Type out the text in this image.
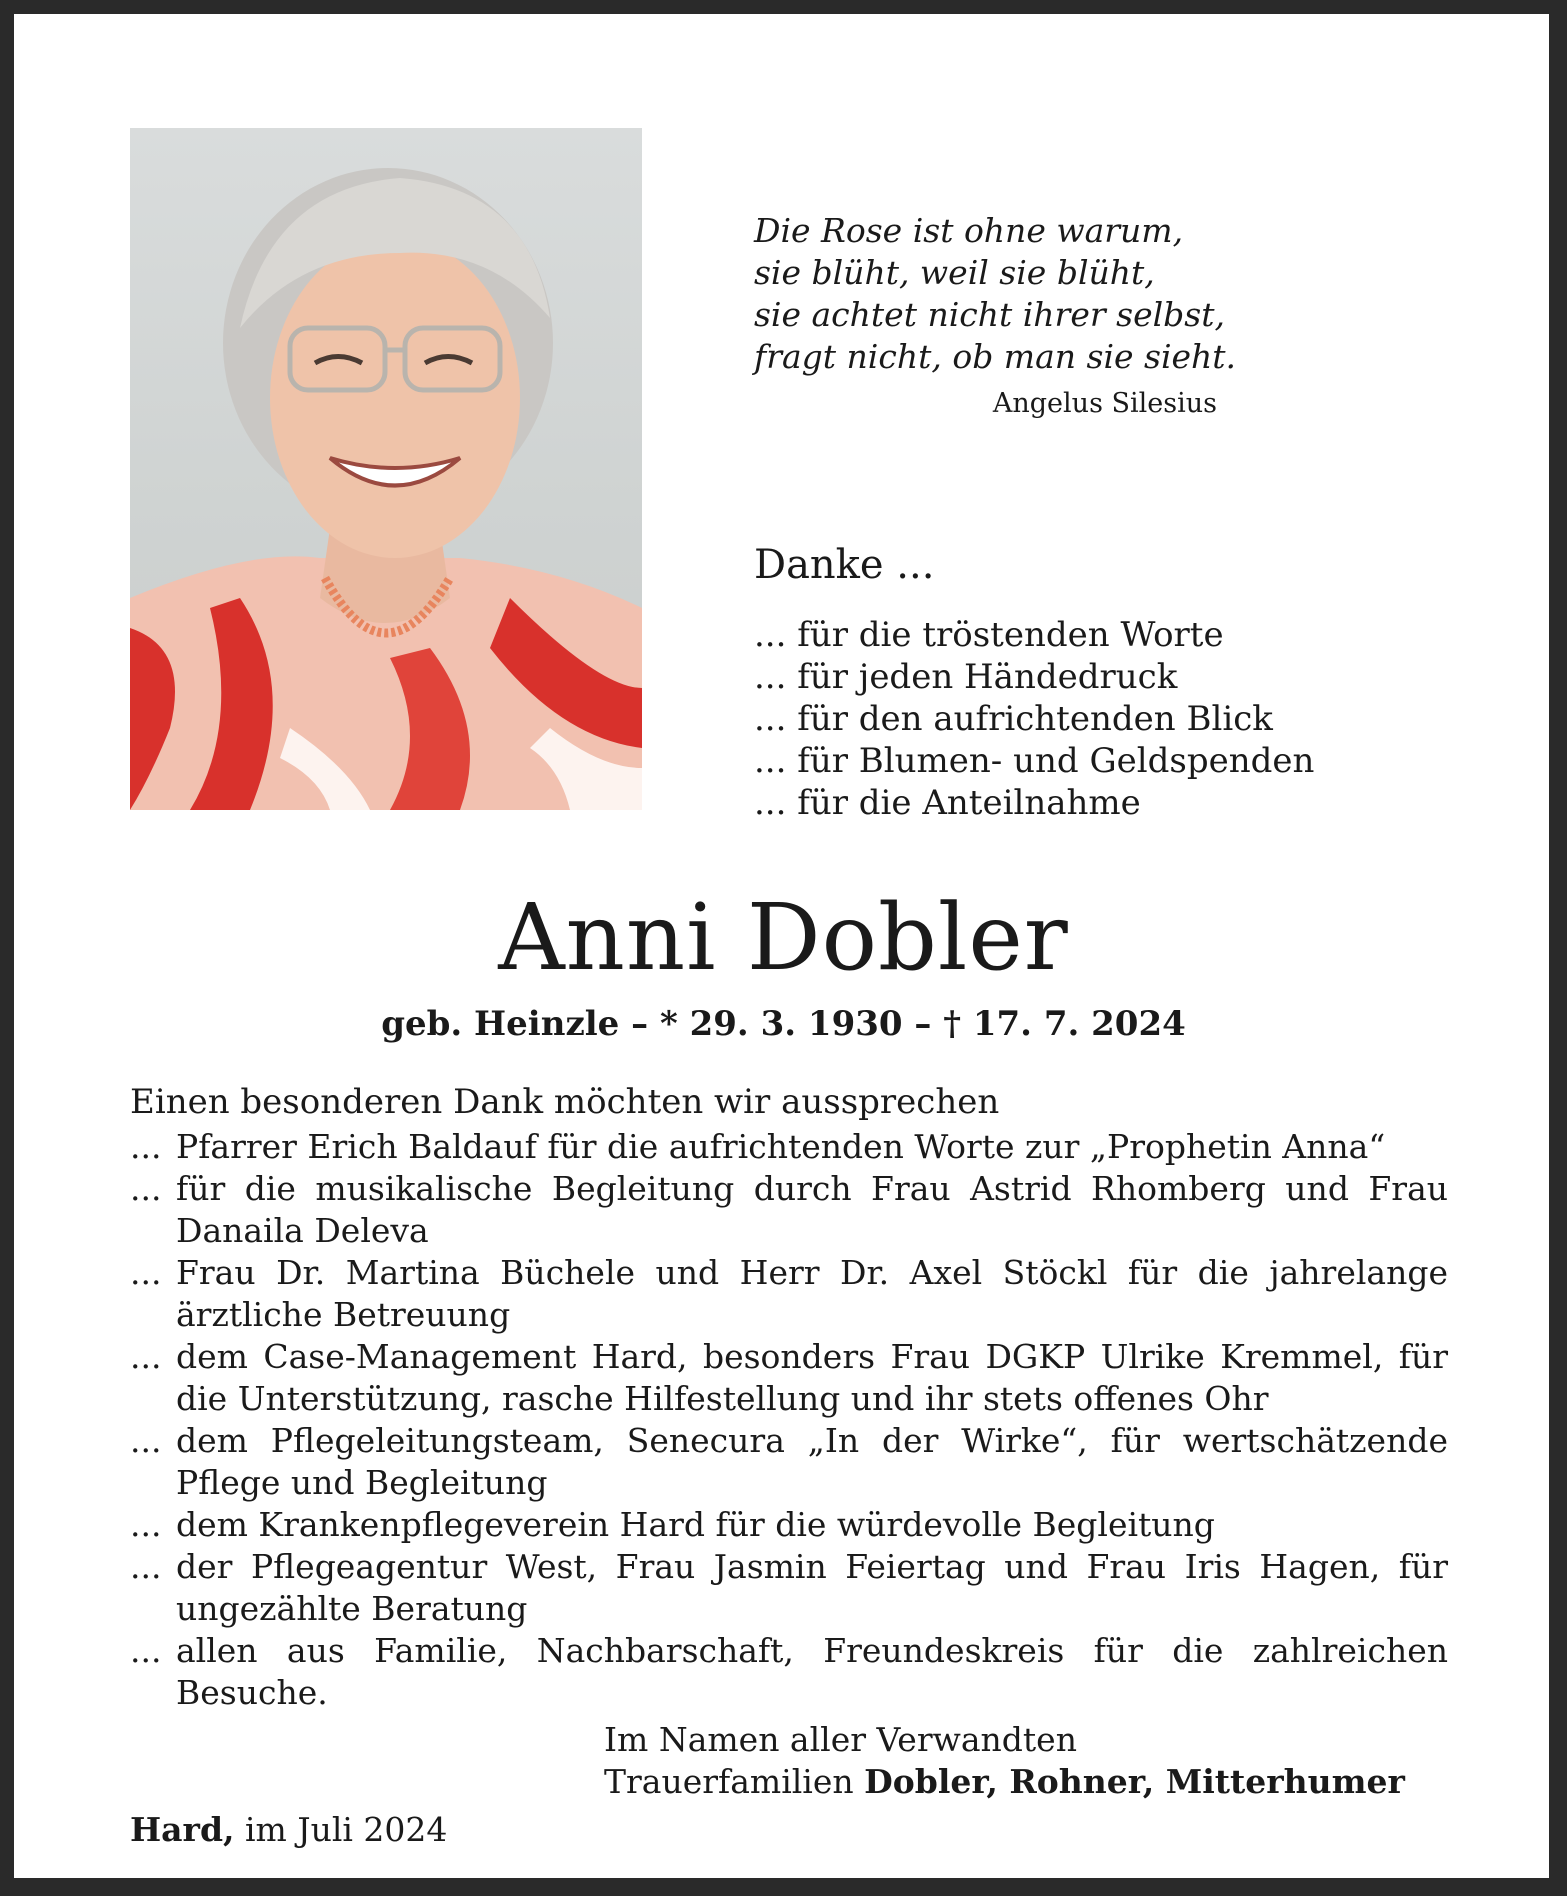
Die Rose ist ohne warum,
sie blüht, weil sie blüht,
sie achtet nicht ihrer selbst,
fragt nicht, ob man sie sieht.
Angelus Silesius
Danke ...
... für die tröstenden Worte
... für jeden Händedruck
... für den aufrichtenden Blick
... für Blumen- und Geldspenden
... für die Anteilnahme
Anni Dobler
geb. Heinzle – * 29. 3. 1930 – † 17. 7. 2024
Einen besonderen Dank möchten wir aussprechen
... Pfarrer Erich Baldauf für die aufrichtenden Worte zur „Prophetin Anna“
... für die musikalische Begleitung durch Frau Astrid Rhomberg und Frau Danaila Deleva
... Frau Dr. Martina Büchele und Herr Dr. Axel Stöckl für die jahrelange ärztliche Betreuung
... dem Case-Management Hard, besonders Frau DGKP Ulrike Kremmel, für die Unterstützung, rasche Hilfestellung und ihr stets offenes Ohr
... dem Pflegeleitungsteam, Senecura „In der Wirke“, für wertschätzende Pflege und Begleitung
... dem Krankenpflegeverein Hard für die würdevolle Begleitung
... der Pflegeagentur West, Frau Jasmin Feiertag und Frau Iris Hagen, für ungezählte Beratung
... allen aus Familie, Nachbarschaft, Freundeskreis für die zahlreichen Besuche.
Im Namen aller Verwandten
Trauerfamilien Dobler, Rohner, Mitterhumer
Hard, im Juli 2024
